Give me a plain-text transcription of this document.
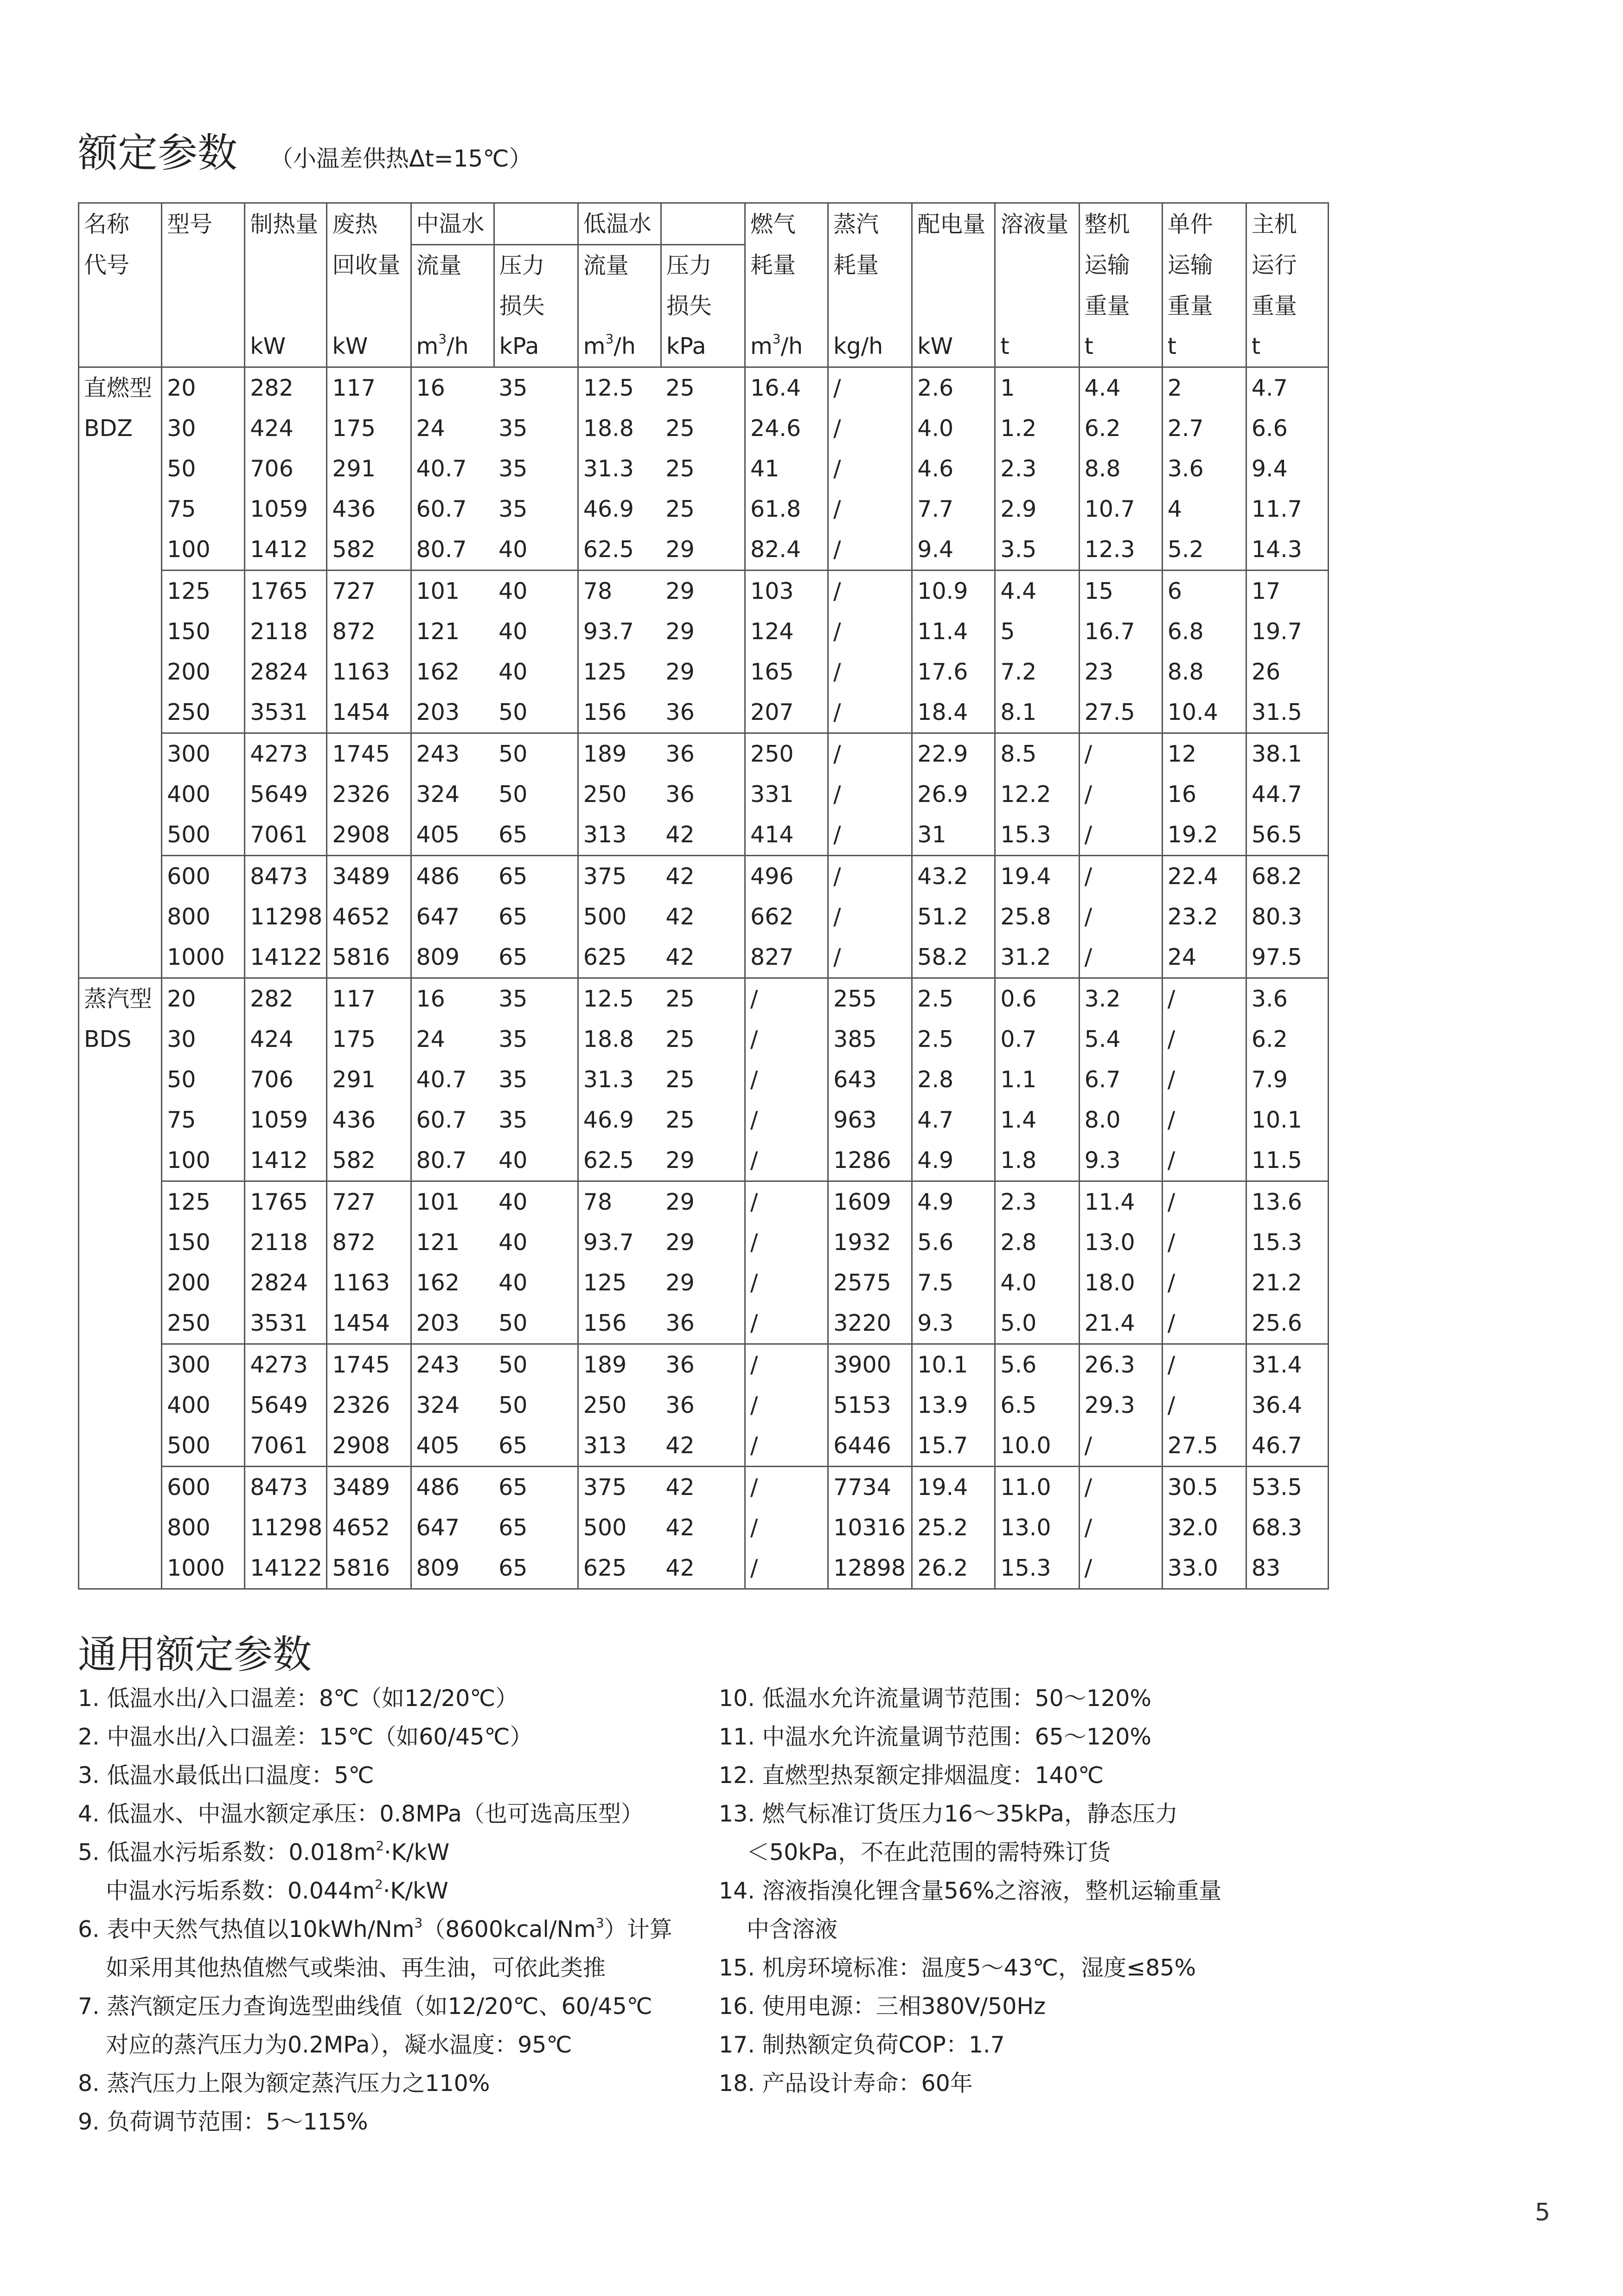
额定参数 （小温差供热Δt=15℃）
名称	型号	制热量	废热	中温水		低温水		燃气	蒸汽	配电量	溶液量	整机	单件	主机
代号			回收量	流量	压力	流量	压力	耗量	耗量			运输	运输	运行
					损失		损失					重量	重量	重量
		kW	kW	$m^3/h$	kPa	$m^3/h$	kPa	$m^3/h$	kg/h	kW	t	t	t	t
直燃型	20	282	117	16	35	12.5	25	16.4	/	2.6	1	4.4	2	4.7
BDZ	30	424	175	24	35	18.8	25	24.6	/	4.0	1.2	6.2	2.7	6.6
	50	706	291	40.7	35	31.3	25	41	/	4.6	2.3	8.8	3.6	9.4
	75	1059	436	60.7	35	46.9	25	61.8	/	7.7	2.9	10.7	4	11.7
	100	1412	582	80.7	40	62.5	29	82.4	/	9.4	3.5	12.3	5.2	14.3
	125	1765	727	101	40	78	29	103	/	10.9	4.4	15	6	17
	150	2118	872	121	40	93.7	29	124	/	11.4	5	16.7	6.8	19.7
	200	2824	1163	162	40	125	29	165	/	17.6	7.2	23	8.8	26
	250	3531	1454	203	50	156	36	207	/	18.4	8.1	27.5	10.4	31.5
	300	4273	1745	243	50	189	36	250	/	22.9	8.5	/	12	38.1
	400	5649	2326	324	50	250	36	331	/	26.9	12.2	/	16	44.7
	500	7061	2908	405	65	313	42	414	/	31	15.3	/	19.2	56.5
	600	8473	3489	486	65	375	42	496	/	43.2	19.4	/	22.4	68.2
	800	11298	4652	647	65	500	42	662	/	51.2	25.8	/	23.2	80.3
	1000	14122	5816	809	65	625	42	827	/	58.2	31.2	/	24	97.5
蒸汽型	20	282	117	16	35	12.5	25	/	255	2.5	0.6	3.2	/	3.6
BDS	30	424	175	24	35	18.8	25	/	385	2.5	0.7	5.4	/	6.2
	50	706	291	40.7	35	31.3	25	/	643	2.8	1.1	6.7	/	7.9
	75	1059	436	60.7	35	46.9	25	/	963	4.7	1.4	8.0	/	10.1
	100	1412	582	80.7	40	62.5	29	/	1286	4.9	1.8	9.3	/	11.5
	125	1765	727	101	40	78	29	/	1609	4.9	2.3	11.4	/	13.6
	150	2118	872	121	40	93.7	29	/	1932	5.6	2.8	13.0	/	15.3
	200	2824	1163	162	40	125	29	/	2575	7.5	4.0	18.0	/	21.2
	250	3531	1454	203	50	156	36	/	3220	9.3	5.0	21.4	/	25.6
	300	4273	1745	243	50	189	36	/	3900	10.1	5.6	26.3	/	31.4
	400	5649	2326	324	50	250	36	/	5153	13.9	6.5	29.3	/	36.4
	500	7061	2908	405	65	313	42	/	6446	15.7	10.0	/	27.5	46.7
	600	8473	3489	486	65	375	42	/	7734	19.4	11.0	/	30.5	53.5
	800	11298	4652	647	65	500	42	/	10316	25.2	13.0	/	32.0	68.3
	1000	14122	5816	809	65	625	42	/	12898	26.2	15.3	/	33.0	83
通用额定参数
1. 低温水出/入口温差：8℃（如12/20℃）
2. 中温水出/入口温差：15℃（如60/45℃）
3. 低温水最低出口温度：5℃
4. 低温水、中温水额定承压：0.8MPa（也可选高压型）
5. 低温水污垢系数：$0.018m^2\cdot K/kW$
中温水污垢系数：$0.044m^2\cdot K/kW$
6. 表中天然气热值以10kWh/Nm$^3$（8600kcal/Nm$^3$）计算
如采用其他热值燃气或柴油、再生油，可依此类推
7. 蒸汽额定压力查询选型曲线值（如12/20℃、60/45℃
对应的蒸汽压力为0.2MPa），凝水温度：95℃
8. 蒸汽压力上限为额定蒸汽压力之110%
9. 负荷调节范围：5～115%
10. 低温水允许流量调节范围：50～120%
11. 中温水允许流量调节范围：65～120%
12. 直燃型热泵额定排烟温度：140℃
13. 燃气标准订货压力16～35kPa，静态压力
＜50kPa，不在此范围的需特殊订货
14. 溶液指溴化锂含量56%之溶液，整机运输重量
中含溶液
15. 机房环境标准：温度5～43℃，湿度≤85%
16. 使用电源：三相380V/50Hz
17. 制热额定负荷COP：1.7
18. 产品设计寿命：60年
5
